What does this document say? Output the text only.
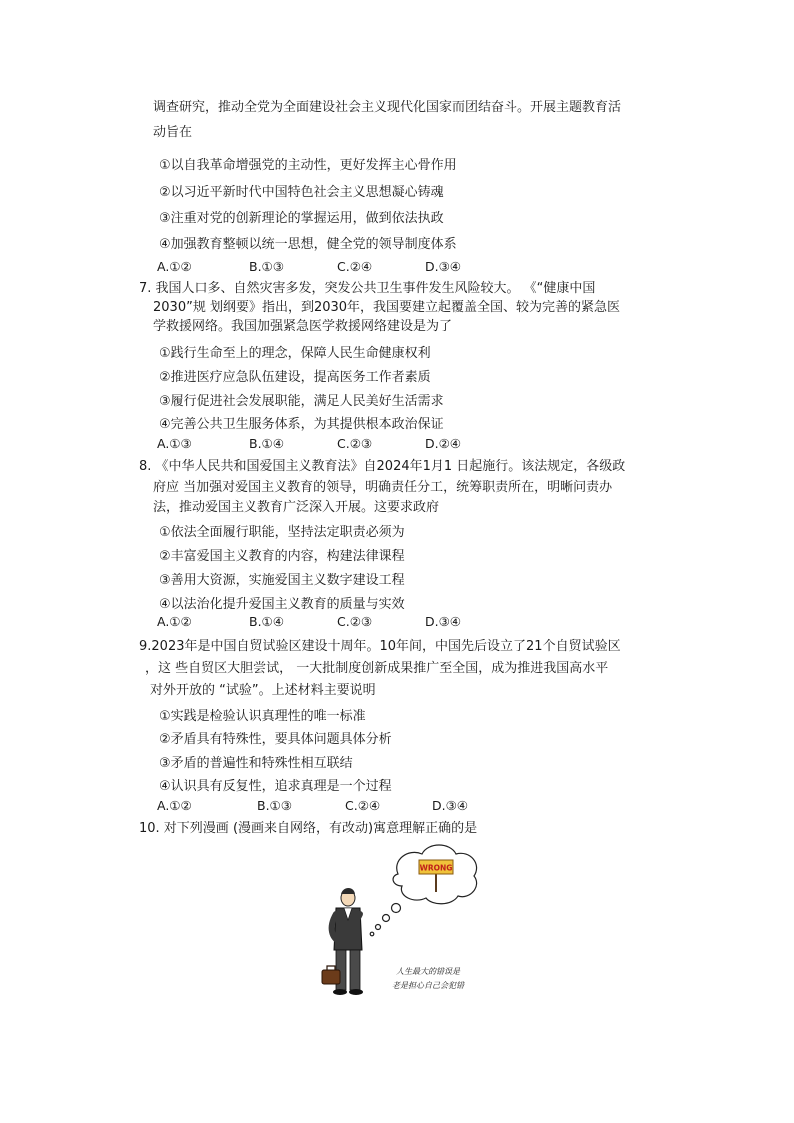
调查研究，推动全党为全面建设社会主义现代化国家而团结奋斗。开展主题教育活
动旨在
①以自我革命增强党的主动性，更好发挥主心骨作用
②以习近平新时代中国特色社会主义思想凝心铸魂
③注重对党的创新理论的掌握运用，做到依法执政
④加强教育整顿以统一思想，健全党的领导制度体系
A.①②	B.①③	C.②④	D.③④
7. 我国人口多、自然灾害多发，突发公共卫生事件发生风险较大。 《“健康中国
2030”规 划纲要》指出，到2030年，我国要建立起覆盖全国、较为完善的紧急医
学救援网络。我国加强紧急医学救援网络建设是为了
①践行生命至上的理念，保障人民生命健康权利
②推进医疗应急队伍建设，提高医务工作者素质
③履行促进社会发展职能，满足人民美好生活需求
④完善公共卫生服务体系，为其提供根本政治保证
A.①③	B.①④	C.②③	D.②④
8. 《中华人民共和国爱国主义教育法》自2024年1月1 日起施行。该法规定，各级政
府应 当加强对爱国主义教育的领导，明确责任分工，统筹职责所在，明晰问责办
法，推动爱国主义教育广泛深入开展。这要求政府
①依法全面履行职能，坚持法定职责必须为
②丰富爱国主义教育的内容，构建法律课程
③善用大资源，实施爱国主义数字建设工程
④以法治化提升爱国主义教育的质量与实效
A.①②	B.①④	C.②③	D.③④
9.2023年是中国自贸试验区建设十周年。10年间，中国先后设立了21个自贸试验区
，这 些自贸区大胆尝试， 一大批制度创新成果推广至全国，成为推进我国高水平
对外开放的 “试验”。上述材料主要说明
①实践是检验认识真理性的唯一标准
②矛盾具有特殊性，要具体问题具体分析
③矛盾的普遍性和特殊性相互联结
④认识具有反复性，追求真理是一个过程
A.①②	B.①③	C.②④	D.③④
10. 对下列漫画 (漫画来自网络，有改动)寓意理解正确的是
WRONG
人生最大的错误是
老是担心自己会犯错
